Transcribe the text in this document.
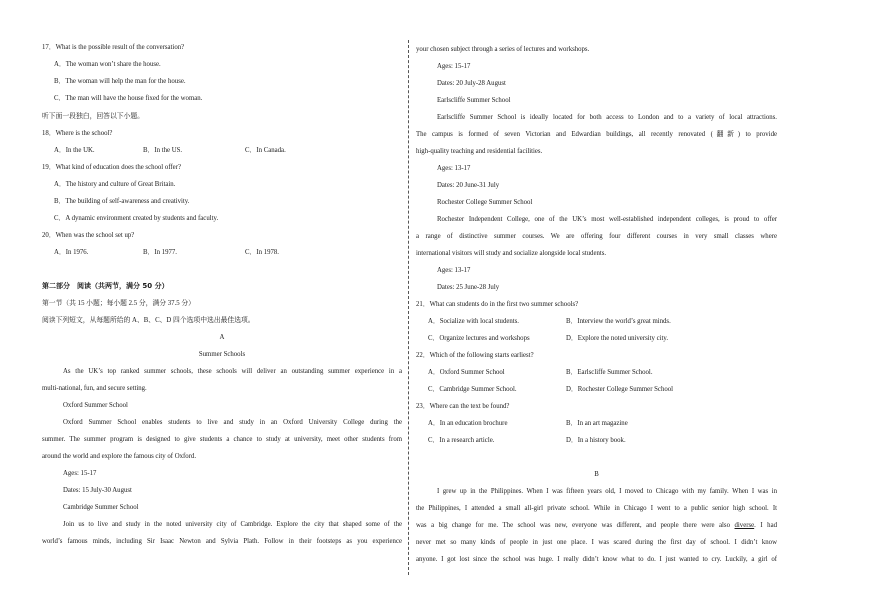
17．What is the possible result of the conversation?
A．The woman won’t share the house.
B．The woman will help the man for the house.
C．The man will have the house fixed for the woman.
听下面一段独白，回答以下小题。
18．Where is the school?
A．In the UK.	B．In the US.	C．In Canada.
19．What kind of education does the school offer?
A．The history and culture of Great Britain.
B．The building of self-awareness and creativity.
C．A dynamic environment created by students and faculty.
20．When was the school set up?
A．In 1976.	B．In 1977.	C．In 1978.
第二部分　阅读（共两节，满分 50 分）
第一节（共 15 小题；每小题 2.5 分，满分 37.5 分）
阅读下列短文，从每题所给的 A、B、C、D 四个选项中选出最佳选项。
A
Summer Schools
As the UK’s top ranked summer schools, these schools will deliver an outstanding summer experience in a
multi-national, fun, and secure setting.
Oxford Summer School
Oxford Summer School enables students to live and study in an Oxford University College during the
summer. The summer program is designed to give students a chance to study at university, meet other students from
around the world and explore the famous city of Oxford.
Ages: 15-17
Dates: 15 July-30 August
Cambridge Summer School
Join us to live and study in the noted university city of Cambridge. Explore the city that shaped some of the
world’s famous minds, including Sir Isaac Newton and Sylvia Plath. Follow in their footsteps as you experience
your chosen subject through a series of lectures and workshops.
Ages: 15-17
Dates: 20 July-28 August
Earlscliffe Summer School
Earlscliffe Summer School is ideally located for both access to London and to a variety of local attractions.
The campus is formed of seven Victorian and Edwardian buildings, all recently renovated (翻新) to provide
high-quality teaching and residential facilities.
Ages: 13-17
Dates: 20 June-31 July
Rochester College Summer School
Rochester Independent College, one of the UK’s most well-established independent colleges, is proud to offer
a range of distinctive summer courses. We are offering four different courses in very small classes where
international visitors will study and socialize alongside local students.
Ages: 13-17
Dates: 25 June-28 July
21．What can students do in the first two summer schools?
A．Socialize with local students.	B．Interview the world’s great minds.
C．Organize lectures and workshops	D．Explore the noted university city.
22．Which of the following starts earliest?
A．Oxford Summer School	B．Earlscliffe Summer School.
C．Cambridge Summer School.	D．Rochester College Summer School
23．Where can the text be found?
A．In an education brochure	B．In an art magazine
C．In a research article.	D．In a history book.
B
I grew up in the Philippines. When I was fifteen years old, I moved to Chicago with my family. When I was in
the Philippines, I attended a small all-girl private school. While in Chicago I went to a public senior high school. It
was a big change for me. The school was new, everyone was different, and people there were also diverse. I had
never met so many kinds of people in just one place. I was scared during the first day of school. I didn’t know
anyone. I got lost since the school was huge. I really didn’t know what to do. I just wanted to cry. Luckily, a girl of
